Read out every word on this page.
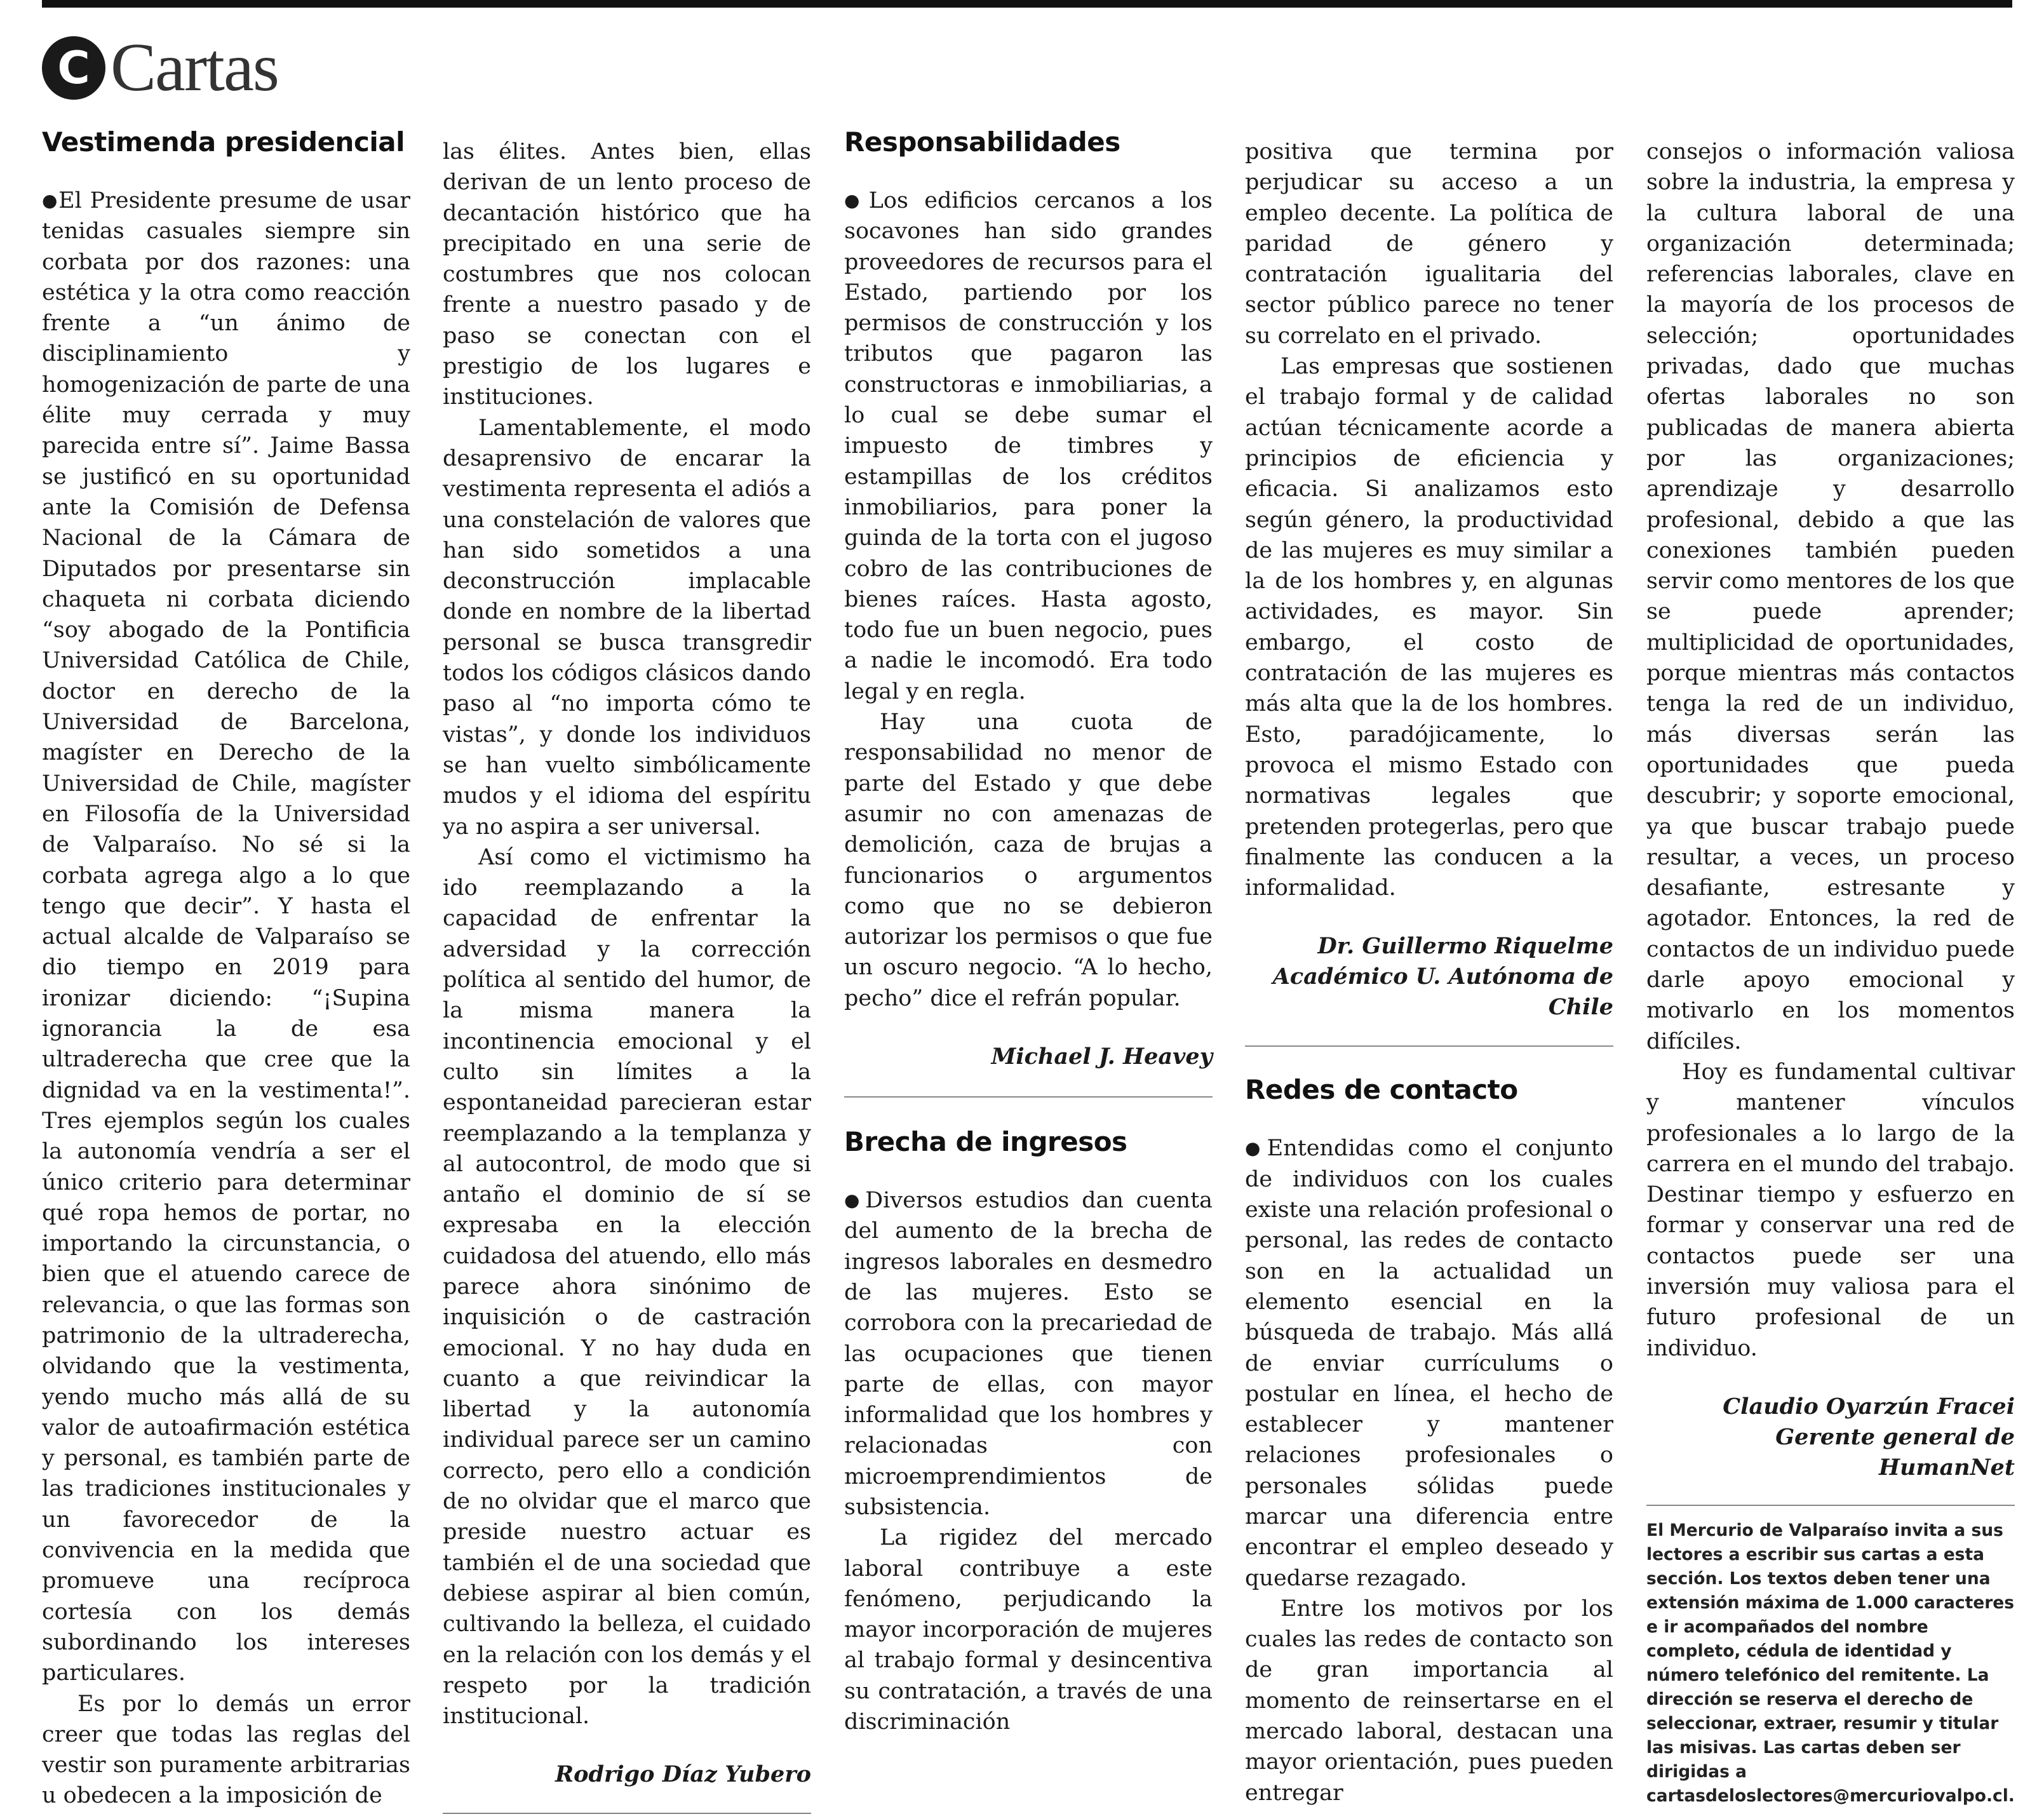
C Cartas
Vestimenda presidencial

●El Presidente presume de usar tenidas casuales siempre sin corbata por dos razones: una estética y la otra como reacción frente a “un ánimo de disciplinamiento y homogenización de parte de una élite muy cerrada y muy parecida entre sí”. Jaime Bassa se justificó en su oportunidad ante la Comisión de Defensa Nacional de la Cámara de Diputados por presentarse sin chaqueta ni corbata diciendo “soy abogado de la Pontificia Universidad Católica de Chile, doctor en derecho de la Universidad de Barcelona, magíster en Derecho de la Universidad de Chile, magíster en Filosofía de la Universidad de Valparaíso. No sé si la corbata agrega algo a lo que tengo que decir”. Y hasta el actual alcalde de Valparaíso se dio tiempo en 2019 para ironizar diciendo: “¡Supina ignorancia la de esa ultraderecha que cree que la dignidad va en la vestimenta!”. Tres ejemplos según los cuales la autonomía vendría a ser el único criterio para determinar qué ropa hemos de portar, no importando la circunstancia, o bien que el atuendo carece de relevancia, o que las formas son patrimonio de la ultraderecha, olvidando que la vestimenta, yendo mucho más allá de su valor de autoafirmación estética y personal, es también parte de las tradiciones institucionales y un favorecedor de la convivencia en la medida que promueve una recíproca cortesía con los demás subordinando los intereses particulares.

Es por lo demás un error creer que todas las reglas del vestir son puramente arbitrarias u obedecen a la imposición de

las élites. Antes bien, ellas derivan de un lento proceso de decantación histórico que ha precipitado en una serie de costumbres que nos colocan frente a nuestro pasado y de paso se conectan con el prestigio de los lugares e instituciones.

Lamentablemente, el modo desaprensivo de encarar la vestimenta representa el adiós a una constelación de valores que han sido sometidos a una deconstrucción implacable donde en nombre de la libertad personal se busca transgredir todos los códigos clásicos dando paso al “no importa cómo te vistas”, y donde los individuos se han vuelto simbólicamente mudos y el idioma del espíritu ya no aspira a ser universal.

Así como el victimismo ha ido reemplazando a la capacidad de enfrentar la adversidad y la corrección política al sentido del humor, de la misma manera la incontinencia emocional y el culto sin límites a la espontaneidad parecieran estar reemplazando a la templanza y al autocontrol, de modo que si antaño el dominio de sí se expresaba en la elección cuidadosa del atuendo, ello más parece ahora sinónimo de inquisición o de castración emocional. Y no hay duda en cuanto a que reivindicar la libertad y la autonomía individual parece ser un camino correcto, pero ello a condición de no olvidar que el marco que preside nuestro actuar es también el de una sociedad que debiese aspirar al bien común, cultivando la belleza, el cuidado en la relación con los demás y el respeto por la tradición institucional.

Rodrigo Díaz Yubero
Responsabilidades

●Los edificios cercanos a los socavones han sido grandes proveedores de recursos para el Estado, partiendo por los permisos de construcción y los tributos que pagaron las constructoras e inmobiliarias, a lo cual se debe sumar el impuesto de timbres y estampillas de los créditos inmobiliarios, para poner la guinda de la torta con el jugoso cobro de las contribuciones de bienes raíces. Hasta agosto, todo fue un buen negocio, pues a nadie le incomodó. Era todo legal y en regla.

Hay una cuota de responsabilidad no menor de parte del Estado y que debe asumir no con amenazas de demolición, caza de brujas a funcionarios o argumentos como que no se debieron autorizar los permisos o que fue un oscuro negocio. “A lo hecho, pecho” dice el refrán popular.

Michael J. Heavey
Brecha de ingresos

●Diversos estudios dan cuenta del aumento de la brecha de ingresos laborales en desmedro de las mujeres. Esto se corrobora con la precariedad de las ocupaciones que tienen parte de ellas, con mayor informalidad que los hombres y relacionadas con microemprendimientos de subsistencia.

La rigidez del mercado laboral contribuye a este fenómeno, perjudicando la mayor incorporación de mujeres al trabajo formal y desincentiva su contratación, a través de una discriminación

positiva que termina por perjudicar su acceso a un empleo decente. La política de paridad de género y contratación igualitaria del sector público parece no tener su correlato en el privado.

Las empresas que sostienen el trabajo formal y de calidad actúan técnicamente acorde a principios de eficiencia y eficacia. Si analizamos esto según género, la productividad de las mujeres es muy similar a la de los hombres y, en algunas actividades, es mayor. Sin embargo, el costo de contratación de las mujeres es más alta que la de los hombres. Esto, paradójicamente, lo provoca el mismo Estado con normativas legales que pretenden protegerlas, pero que finalmente las conducen a la informalidad.

Dr. Guillermo Riquelme
Académico U. Autónoma de Chile
Redes de contacto

●Entendidas como el conjunto de individuos con los cuales existe una relación profesional o personal, las redes de contacto son en la actualidad un elemento esencial en la búsqueda de trabajo. Más allá de enviar currículums o postular en línea, el hecho de establecer y mantener relaciones profesionales o personales sólidas puede marcar una diferencia entre encontrar el empleo deseado y quedarse rezagado.

Entre los motivos por los cuales las redes de contacto son de gran importancia al momento de reinsertarse en el mercado laboral, destacan una mayor orientación, pues pueden entregar

consejos o información valiosa sobre la industria, la empresa y la cultura laboral de una organización determinada; referencias laborales, clave en la mayoría de los procesos de selección; oportunidades privadas, dado que muchas ofertas laborales no son publicadas de manera abierta por las organizaciones; aprendizaje y desarrollo profesional, debido a que las conexiones también pueden servir como mentores de los que se puede aprender; multiplicidad de oportunidades, porque mientras más contactos tenga la red de un individuo, más diversas serán las oportunidades que pueda descubrir; y soporte emocional, ya que buscar trabajo puede resultar, a veces, un proceso desafiante, estresante y agotador. Entonces, la red de contactos de un individuo puede darle apoyo emocional y motivarlo en los momentos difíciles.

Hoy es fundamental cultivar y mantener vínculos profesionales a lo largo de la carrera en el mundo del trabajo. Destinar tiempo y esfuerzo en formar y conservar una red de contactos puede ser una inversión muy valiosa para el futuro profesional de un individuo.

Claudio Oyarzún Fracei
Gerente general de HumanNet
El Mercurio de Valparaíso invita a sus lectores a escribir sus cartas a esta sección. Los textos deben tener una extensión máxima de 1.000 caracteres e ir acompañados del nombre completo, cédula de identidad y número telefónico del remitente. La dirección se reserva el derecho de seleccionar, extraer, resumir y titular las misivas. Las cartas deben ser dirigidas a cartasdeloslectores@mercuriovalpo.cl.
